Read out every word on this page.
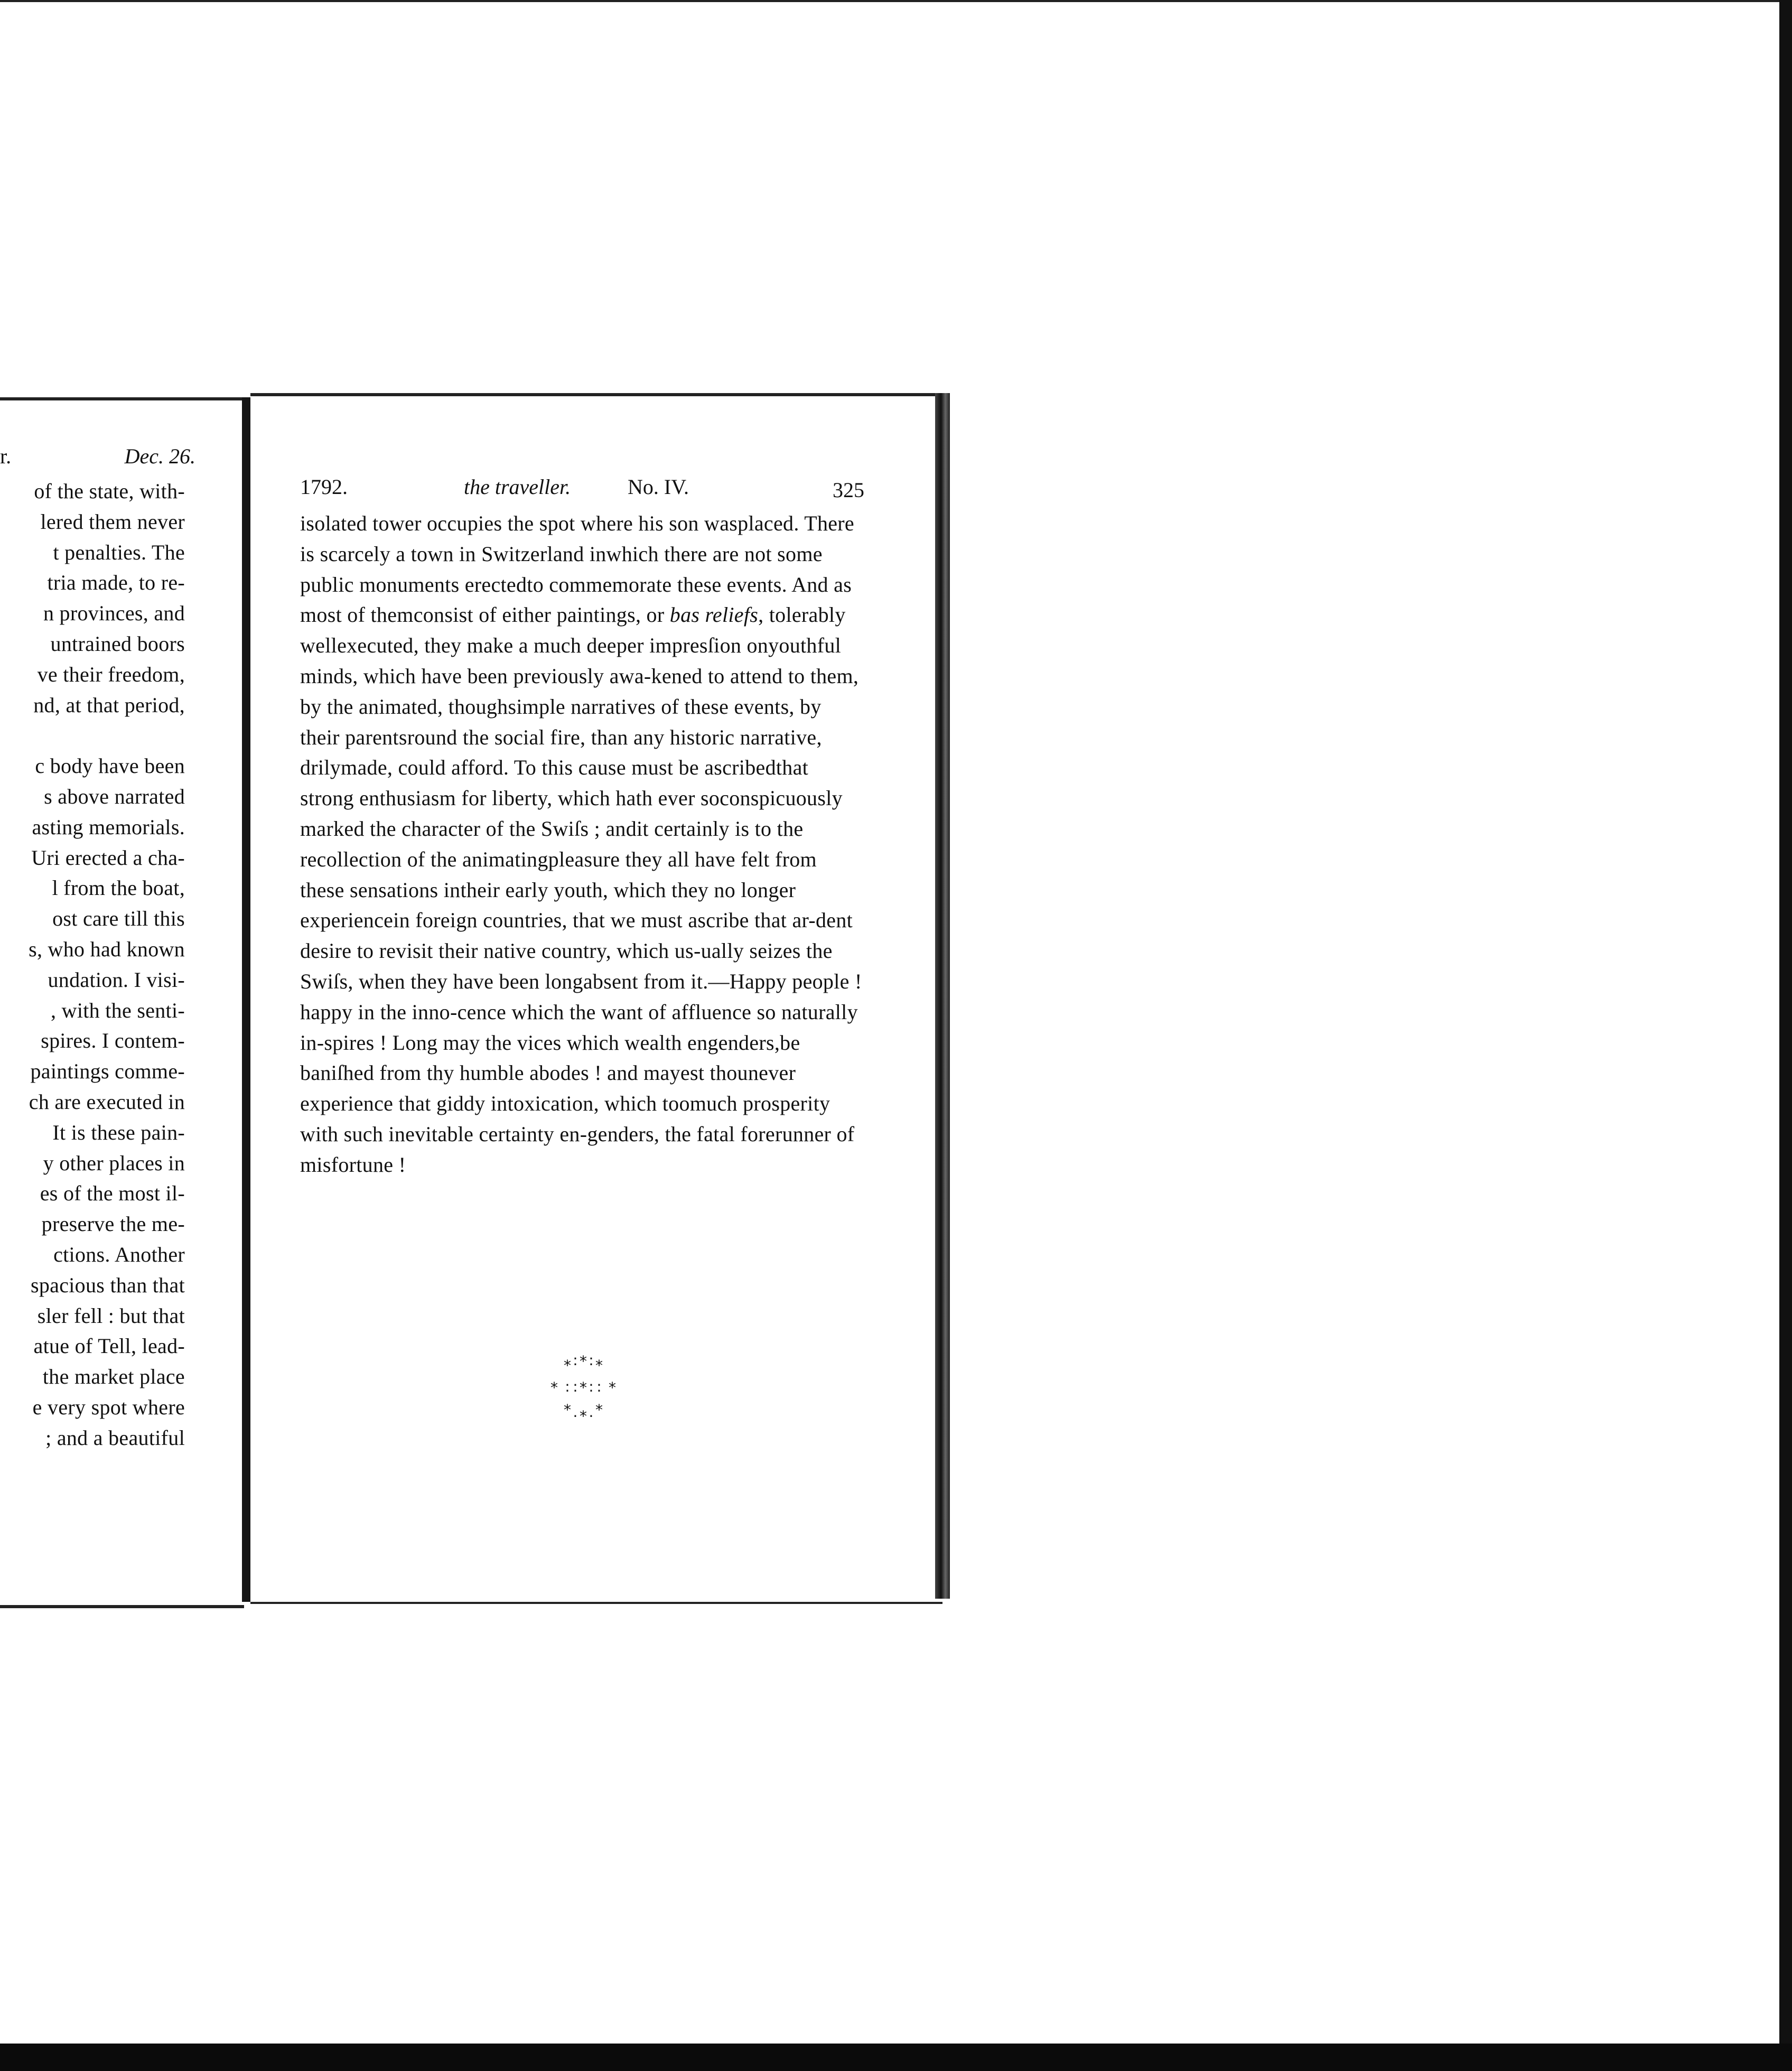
r.	Dec. 26.
of the state, with-
lered them never
t penalties. The
tria made, to re-
n provinces, and
untrained boors
ve their freedom,
nd, at that period,
c body have been
s above narrated
asting memorials.
Uri erected a cha-
l from the boat,
ost care till this
s, who had known
undation. I visi-
, with the senti-
spires. I contem-
paintings comme-
ch are executed in
It is these pain-
y other places in
es of the most il-
preserve the me-
ctions. Another
spacious than that
sler fell : but that
atue of Tell, lead-
the market place
e very spot where
; and a beautiful
1792.	the traveller.	No. IV.	325
isolated tower occupies the spot where his son wasplaced. There is scarcely a town in Switzerland inwhich there are not some public monuments erectedto commemorate these events. And as most of themconsist of either paintings, or bas reliefs, tolerably wellexecuted, they make a much deeper impresſion onyouthful minds, which have been previously awa-kened to attend to them, by the animated, thoughsimple narratives of these events, by their parentsround the social fire, than any historic narrative, drilymade, could afford. To this cause must be ascribedthat strong enthusiasm for liberty, which hath ever soconspicuously marked the character of the Swiſs ; andit certainly is to the recollection of the animatingpleasure they all have felt from these sensations intheir early youth, which they no longer experiencein foreign countries, that we must ascribe that ar-dent desire to revisit their native country, which us-ually seizes the Swiſs, when they have been longabsent from it.—Happy people ! happy in the inno-cence which the want of affluence so naturally in-spires ! Long may the vices which wealth engenders,be baniſhed from thy humble abodes ! and mayest thounever experience that giddy intoxication, which toomuch prosperity with such inevitable certainty en-genders, the fatal forerunner of misfortune !
*
* *
: :
*	*
: : * : :
* *
*
. .
